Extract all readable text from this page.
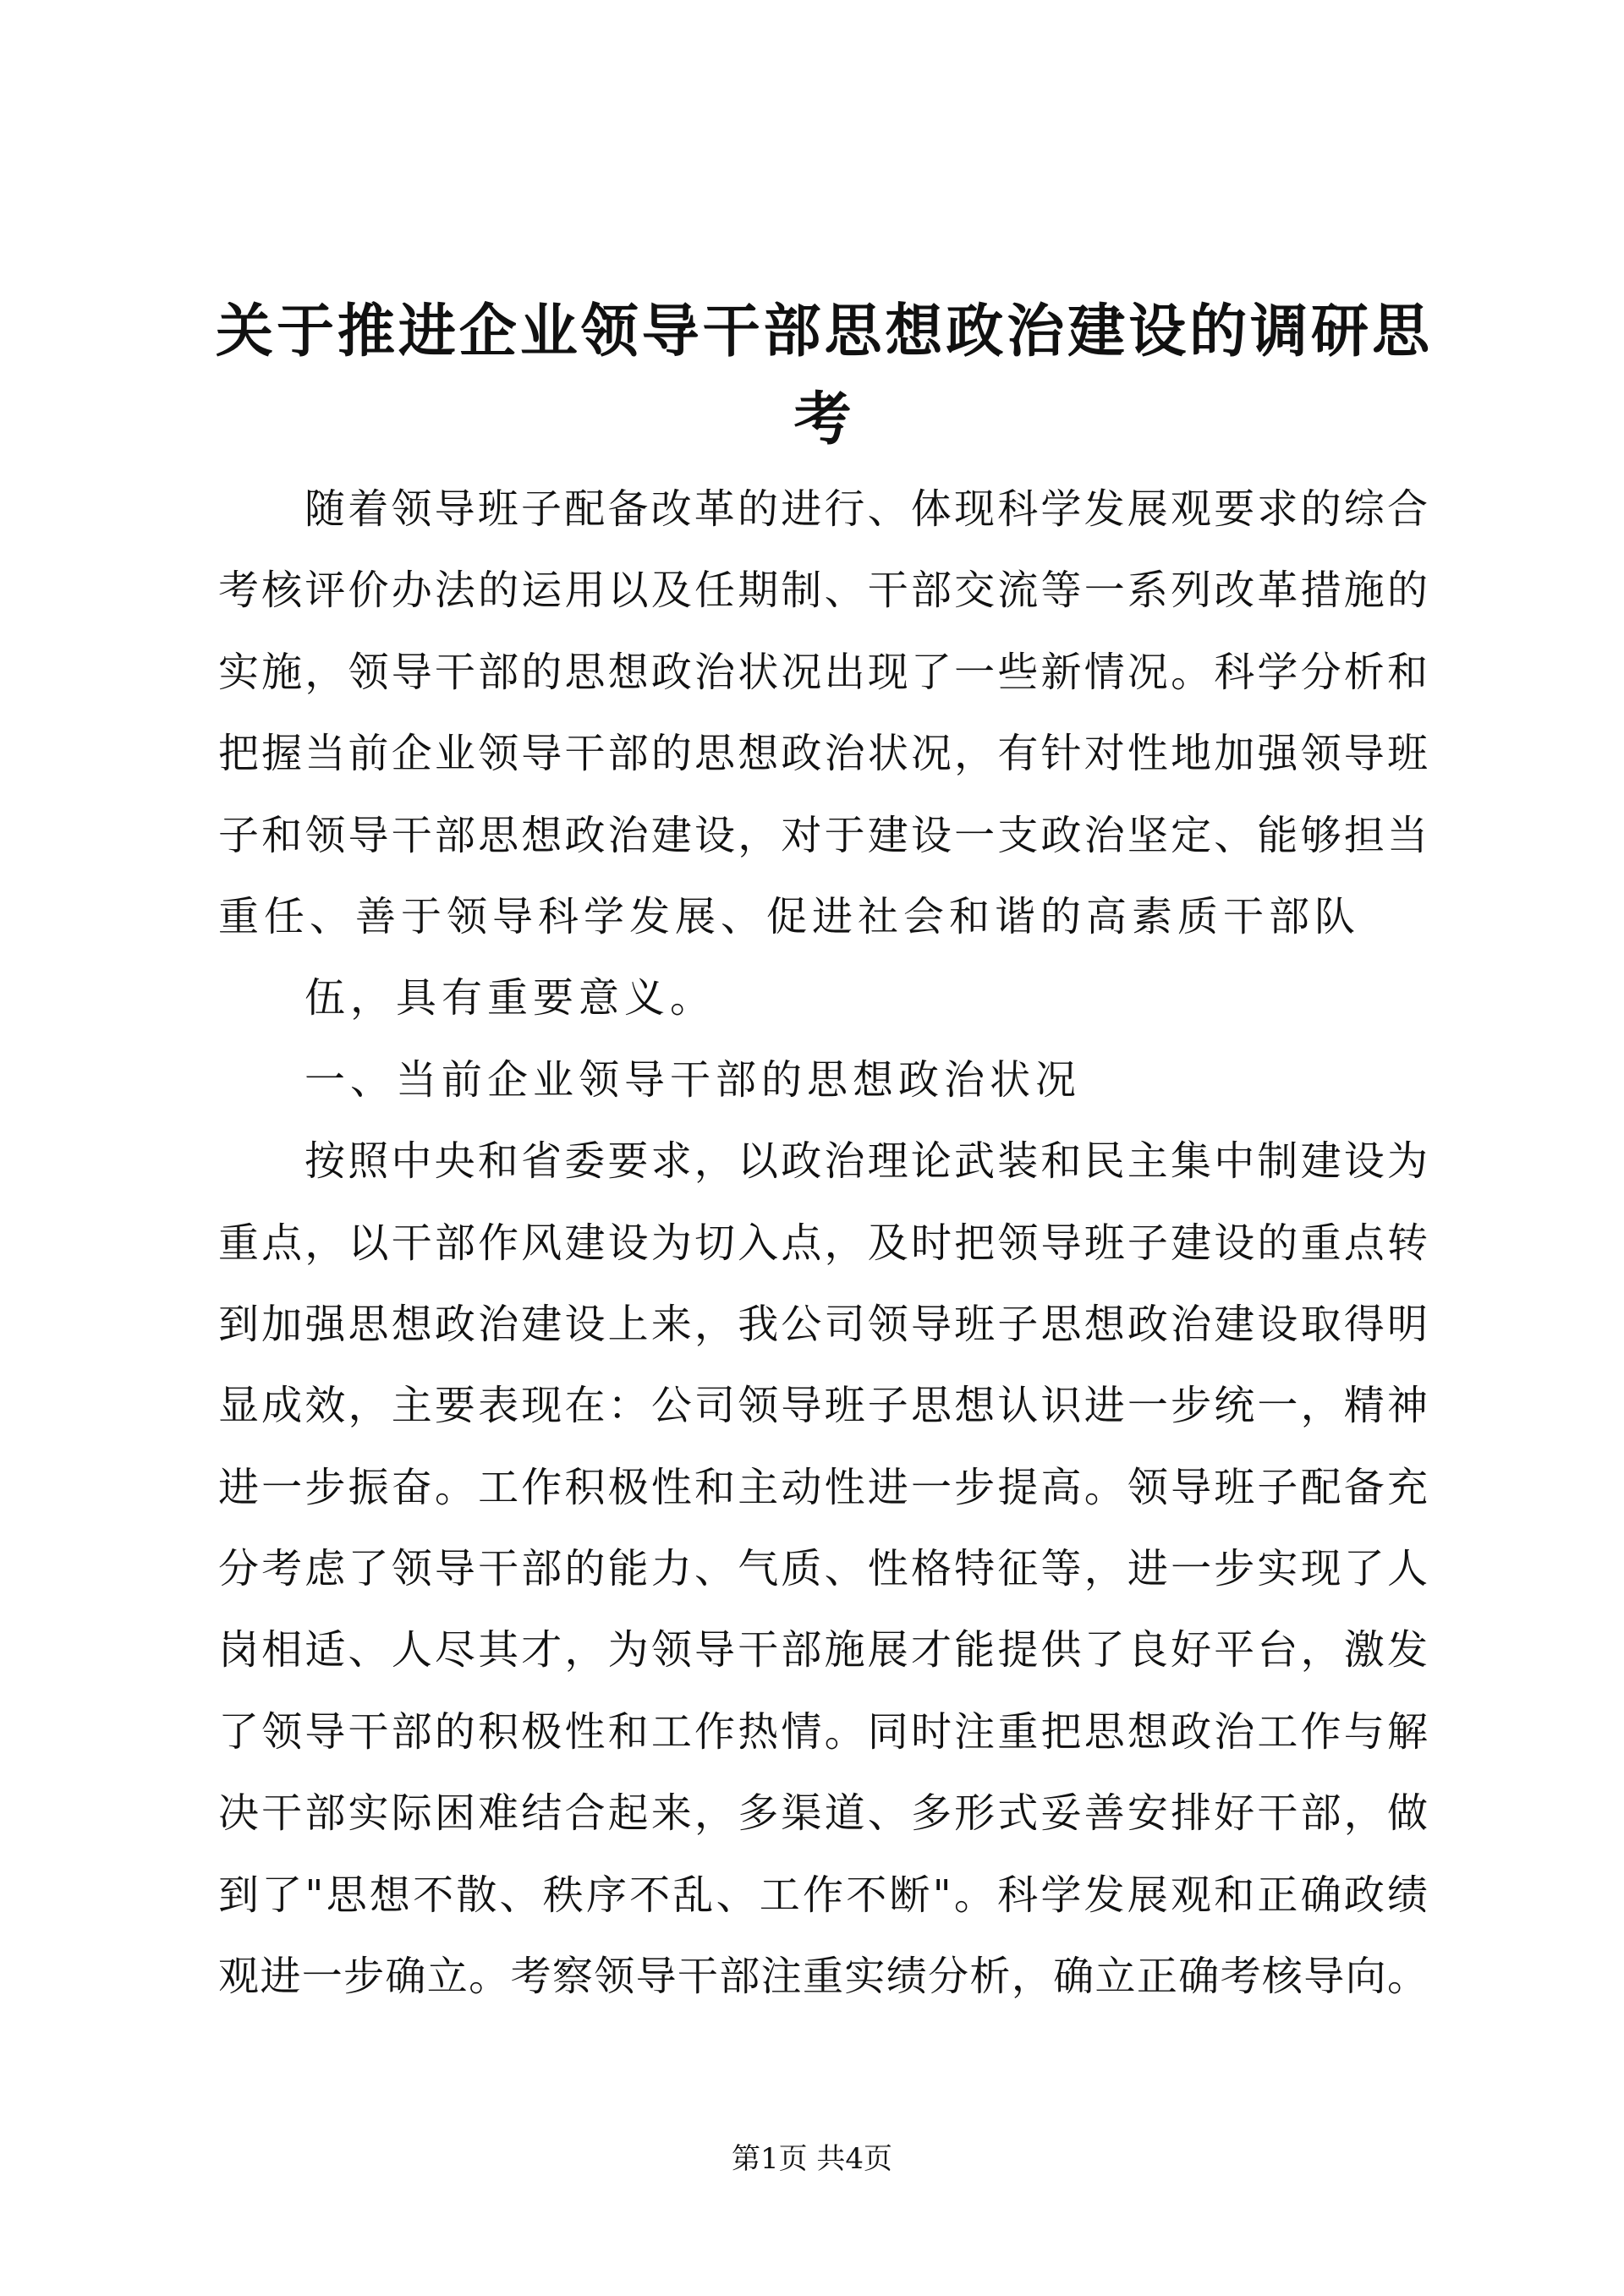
关于推进企业领导干部思想政治建设的调研思
考
随着领导班子配备改革的进行、体现科学发展观要求的综合
考核评价办法的运用以及任期制、干部交流等一系列改革措施的
实施，领导干部的思想政治状况出现了一些新情况。科学分析和
把握当前企业领导干部的思想政治状况，有针对性地加强领导班
子和领导干部思想政治建设，对于建设一支政治坚定、能够担当
重任、善于领导科学发展、促进社会和谐的高素质干部队
伍，具有重要意义。
一、当前企业领导干部的思想政治状况
按照中央和省委要求，以政治理论武装和民主集中制建设为
重点，以干部作风建设为切入点，及时把领导班子建设的重点转
到加强思想政治建设上来，我公司领导班子思想政治建设取得明
显成效，主要表现在：公司领导班子思想认识进一步统一，精神
进一步振奋。工作积极性和主动性进一步提高。领导班子配备充
分考虑了领导干部的能力、气质、性格特征等，进一步实现了人
岗相适、人尽其才，为领导干部施展才能提供了良好平台，激发
了领导干部的积极性和工作热情。同时注重把思想政治工作与解
决干部实际困难结合起来，多渠道、多形式妥善安排好干部，做
到了"思想不散、秩序不乱、工作不断"。科学发展观和正确政绩
观进一步确立。考察领导干部注重实绩分析，确立正确考核导向。
第1页 共4页
